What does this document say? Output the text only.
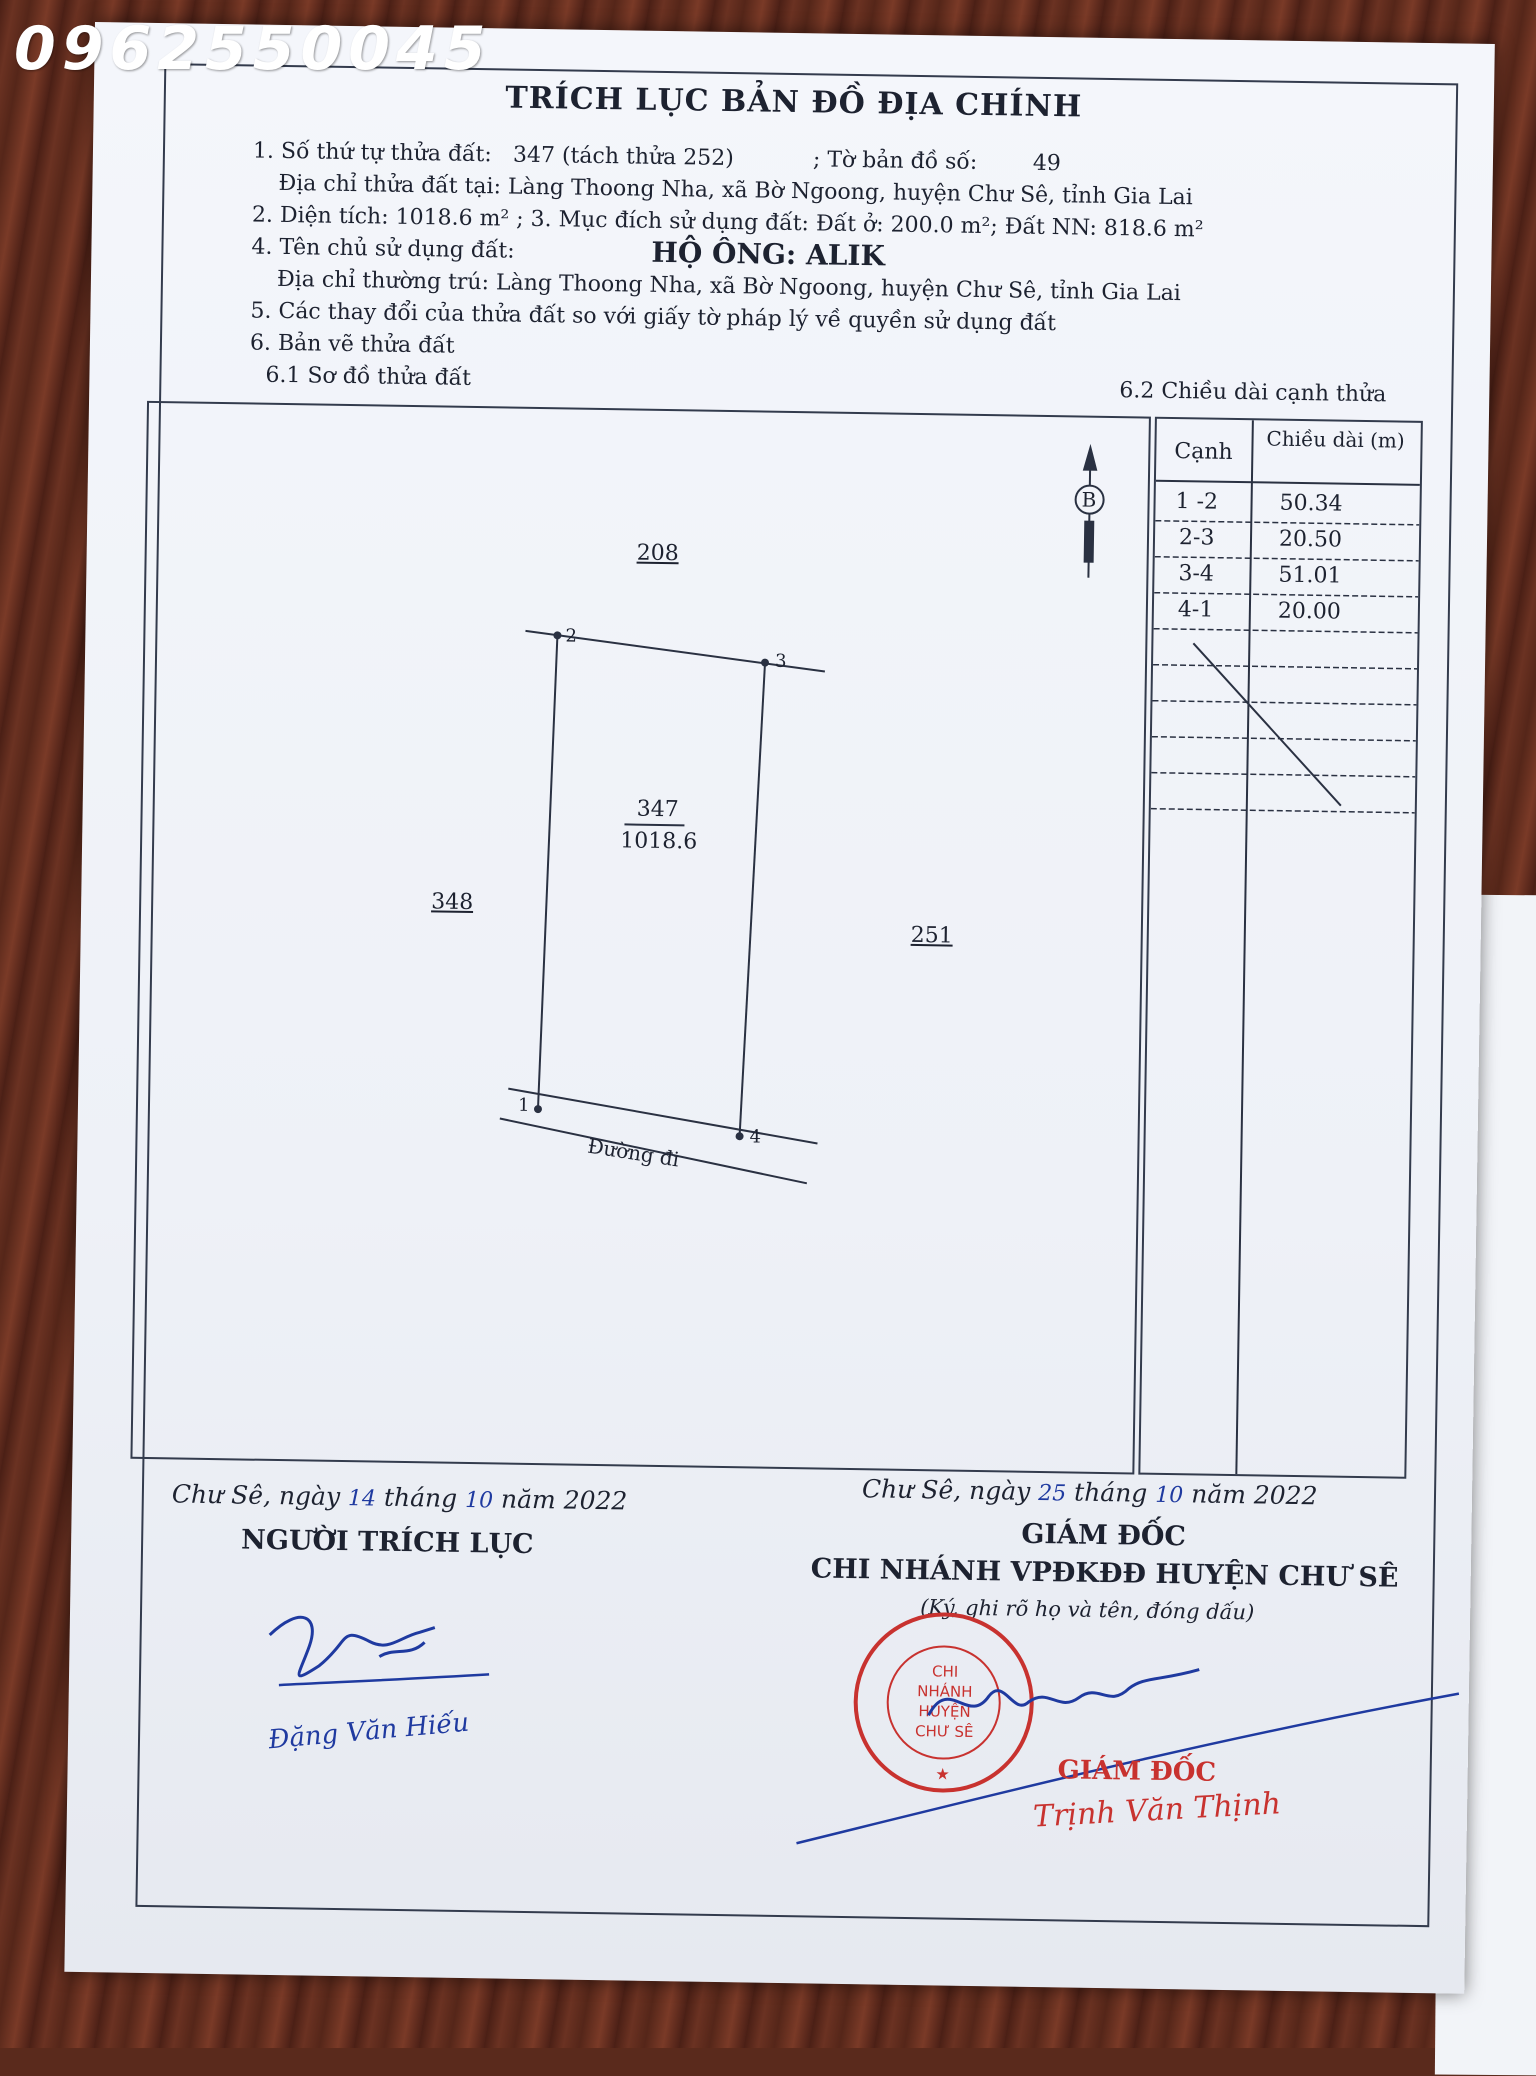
TRÍCH LỤC BẢN ĐỒ ĐỊA CHÍNH
1. Số thứ tự thửa đất: 347 (tách thửa 252)	; Tờ bản đồ số:	49
Địa chỉ thửa đất tại: Làng Thoong Nha, xã Bờ Ngoong, huyện Chư Sê, tỉnh Gia Lai
2. Diện tích: 1018.6 m² ; 3. Mục đích sử dụng đất: Đất ở: 200.0 m²; Đất NN: 818.6 m²
4. Tên chủ sử dụng đất:	HỘ ÔNG: ALIK
Địa chỉ thường trú: Làng Thoong Nha, xã Bờ Ngoong, huyện Chư Sê, tỉnh Gia Lai
5. Các thay đổi của thửa đất so với giấy tờ pháp lý về quyền sử dụng đất
6. Bản vẽ thửa đất
6.1 Sơ đồ thửa đất
6.2 Chiều dài cạnh thửa
B
208
348
251
347
1018.6
2
3
1
4
Đường đi
Cạnh Chiều dài (m)
1 -2	50.34
2-3	20.50
3-4	51.01
4-1	20.00
Chư Sê, ngày 14 tháng 10 năm 2022
NGƯỜI TRÍCH LỤC
Đặng Văn Hiếu
Chư Sê, ngày 25 tháng 10 năm 2022
GIÁM ĐỐC
CHI NHÁNH VPĐKĐĐ HUYỆN CHƯ SÊ
(Ký, ghi rõ họ và tên, đóng dấu)
★
CHI NHÁNH HUYỆN CHƯ SÊ
GIÁM ĐỐC
Trịnh Văn Thịnh
0962550045
